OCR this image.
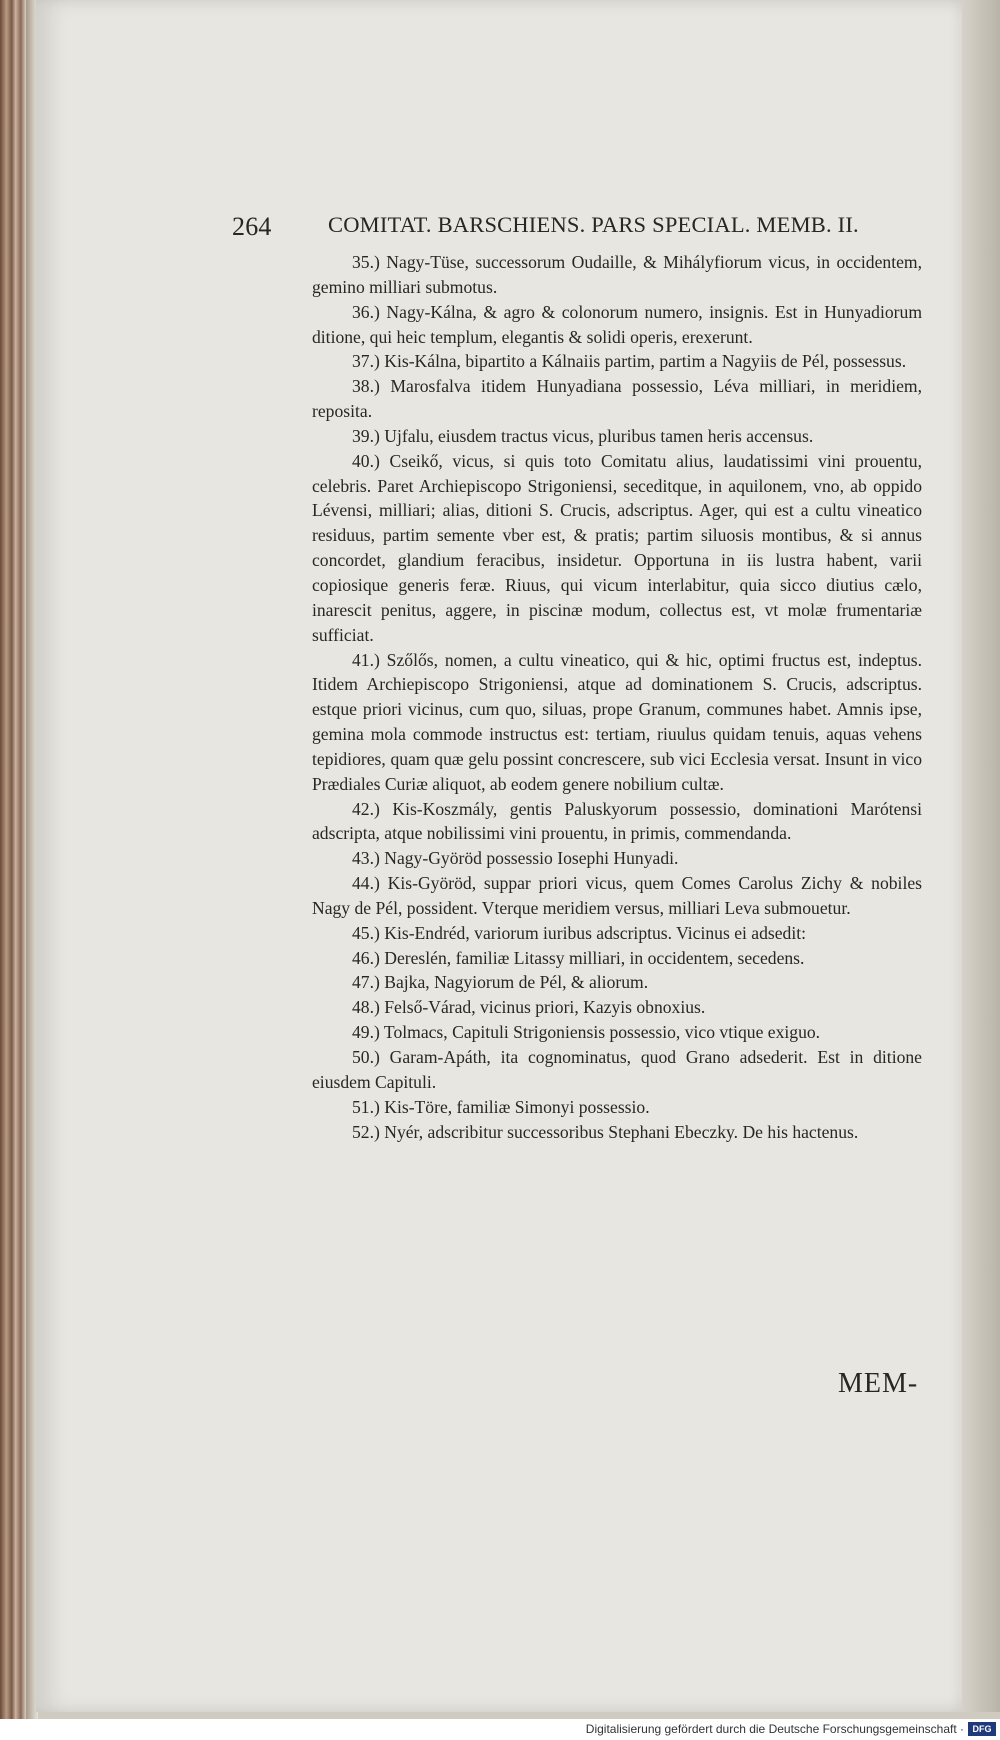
264	COMITAT. BARSCHIENS. PARS SPECIAL. MEMB. II.

35.) Nagy-Tüse, successorum Oudaille, & Mihályfiorum vicus, in occidentem, gemino milliari submotus.

36.) Nagy-Kálna, & agro & colonorum numero, insignis. Est in Hunyadiorum ditione, qui heic templum, elegantis & solidi operis, erexerunt.

37.) Kis-Kálna, bipartito a Kálnaiis partim, partim a Nagyiis de Pél, possessus.

38.) Marosfalva itidem Hunyadiana possessio, Léva milliari, in meridiem, reposita.

39.) Ujfalu, eiusdem tractus vicus, pluribus tamen heris accensus.

40.) Cseikő, vicus, si quis toto Comitatu alius, laudatissimi vini prouentu, celebris. Paret Archiepiscopo Strigoniensi, seceditque, in aquilonem, vno, ab oppido Lévensi, milliari; alias, ditioni S. Crucis, adscriptus. Ager, qui est a cultu vineatico residuus, partim semente vber est, & pratis; partim siluosis montibus, & si annus concordet, glandium feracibus, insidetur. Opportuna in iis lustra habent, varii copiosique generis feræ. Riuus, qui vicum interlabitur, quia sicco diutius cælo, inarescit penitus, aggere, in piscinæ modum, collectus est, vt molæ frumentariæ sufficiat.

41.) Szőlős, nomen, a cultu vineatico, qui & hic, optimi fructus est, indeptus. Itidem Archiepiscopo Strigoniensi, atque ad dominationem S. Crucis, adscriptus. estque priori vicinus, cum quo, siluas, prope Granum, communes habet. Amnis ipse, gemina mola commode instructus est: tertiam, riuulus quidam tenuis, aquas vehens tepidiores, quam quæ gelu possint concrescere, sub vici Ecclesia versat. Insunt in vico Prædiales Curiæ aliquot, ab eodem genere nobilium cultæ.

42.) Kis-Koszmály, gentis Paluskyorum possessio, dominationi Marótensi adscripta, atque nobilissimi vini prouentu, in primis, commendanda.

43.) Nagy-Györöd possessio Iosephi Hunyadi.

44.) Kis-Györöd, suppar priori vicus, quem Comes Carolus Zichy & nobiles Nagy de Pél, possident. Vterque meridiem versus, milliari Leva submouetur.

45.) Kis-Endréd, variorum iuribus adscriptus. Vicinus ei adsedit:

46.) Dereslén, familiæ Litassy milliari, in occidentem, secedens.

47.) Bajka, Nagyiorum de Pél, & aliorum.

48.) Felső-Várad, vicinus priori, Kazyis obnoxius.

49.) Tolmacs, Capituli Strigoniensis possessio, vico vtique exiguo.

50.) Garam-Apáth, ita cognominatus, quod Grano adsederit. Est in ditione eiusdem Capituli.

51.) Kis-Töre, familiæ Simonyi possessio.

52.) Nyér, adscribitur successoribus Stephani Ebeczky. De his hactenus.

MEM-
Digitalisierung gefördert durch die Deutsche Forschungsgemeinschaft · DFG
